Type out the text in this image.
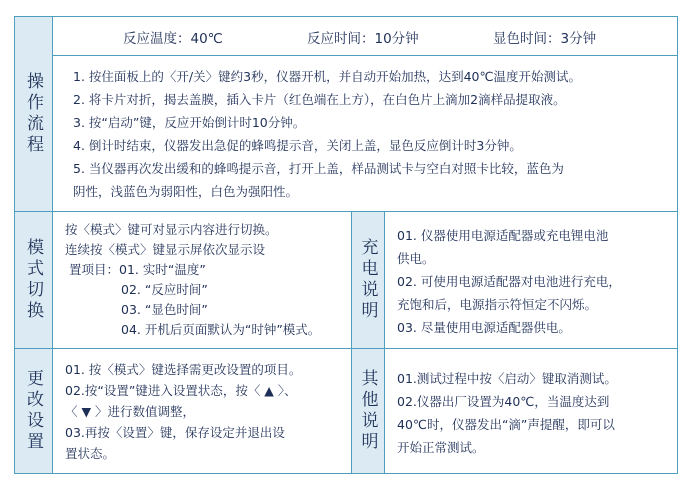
操作流程
反应温度：40℃	反应时间：10分钟	显色时间：3分钟

1. 按住面板上的〈开/关〉键约3秒，仪器开机，并自动开始加热，达到40℃温度开始测试。

2. 将卡片对折，揭去盖膜，插入卡片（红色端在上方），在白色片上滴加2滴样品提取液。

3. 按“启动”键，反应开始倒计时10分钟。

4. 倒计时结束，仪器发出急促的蜂鸣提示音，关闭上盖，显色反应倒计时3分钟。

5. 当仪器再次发出缓和的蜂鸣提示音，打开上盖，样品测试卡与空白对照卡比较，蓝色为

阴性，浅蓝色为弱阳性，白色为强阳性。

模式切换

按〈模式〉键可对显示内容进行切换。

连续按〈模式〉键显示屏依次显示设

置项目：01. 实时“温度”

02. “反应时间”

03. “显色时间”

04. 开机后页面默认为“时钟”模式。

充电说明

01. 仪器使用电源适配器或充电锂电池

供电。

02. 可使用电源适配器对电池进行充电，

充饱和后，电源指示符恒定不闪烁。

03. 尽量使用电源适配器供电。

更改设置 01. 按〈模式〉键选择需更改设置的项目。

02.按“设置”键进入设置状态，按〈 ▲ 〉、

〈 ▼ 〉进行数值调整，

03.再按〈设置〉键，保存设定并退出设

置状态。

其他说明 01.测试过程中按〈启动〉键取消测试。

02.仪器出厂设置为40℃，当温度达到

40℃时，仪器发出“滴”声提醒，即可以

开始正常测试。
